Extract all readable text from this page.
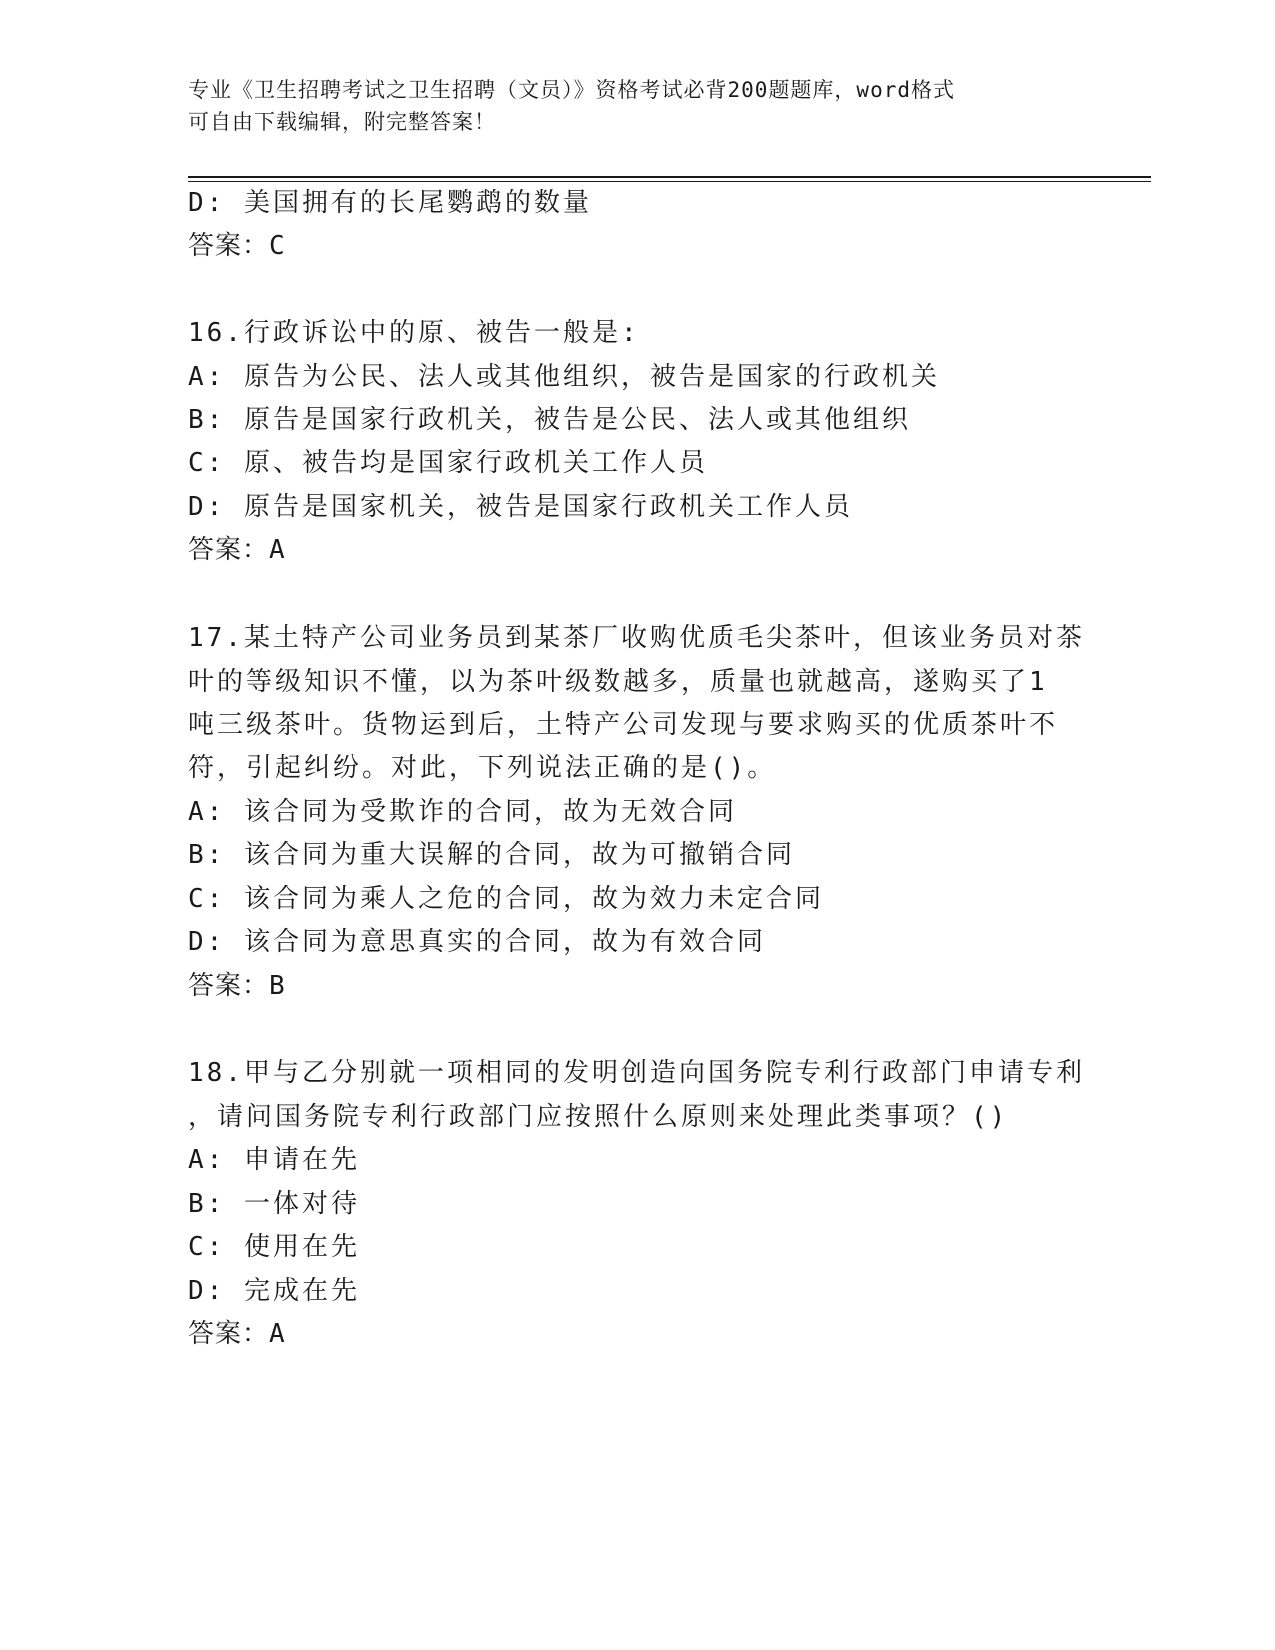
专业《卫生招聘考试之卫生招聘（文员）》资格考试必背200题题库，word格式
可自由下载编辑，附完整答案！
D: 美国拥有的长尾鹦鹉的数量
答案：C
16.行政诉讼中的原、被告一般是:
A: 原告为公民、法人或其他组织，被告是国家的行政机关
B: 原告是国家行政机关，被告是公民、法人或其他组织
C: 原、被告均是国家行政机关工作人员
D: 原告是国家机关，被告是国家行政机关工作人员
答案：A
17.某土特产公司业务员到某茶厂收购优质毛尖茶叶，但该业务员对茶
叶的等级知识不懂，以为茶叶级数越多，质量也就越高，遂购买了1
吨三级茶叶。货物运到后，土特产公司发现与要求购买的优质茶叶不
符，引起纠纷。对此，下列说法正确的是()。
A: 该合同为受欺诈的合同，故为无效合同
B: 该合同为重大误解的合同，故为可撤销合同
C: 该合同为乘人之危的合同，故为效力未定合同
D: 该合同为意思真实的合同，故为有效合同
答案：B
18.甲与乙分别就一项相同的发明创造向国务院专利行政部门申请专利
，请问国务院专利行政部门应按照什么原则来处理此类事项？()
A: 申请在先
B: 一体对待
C: 使用在先
D: 完成在先
答案：A
